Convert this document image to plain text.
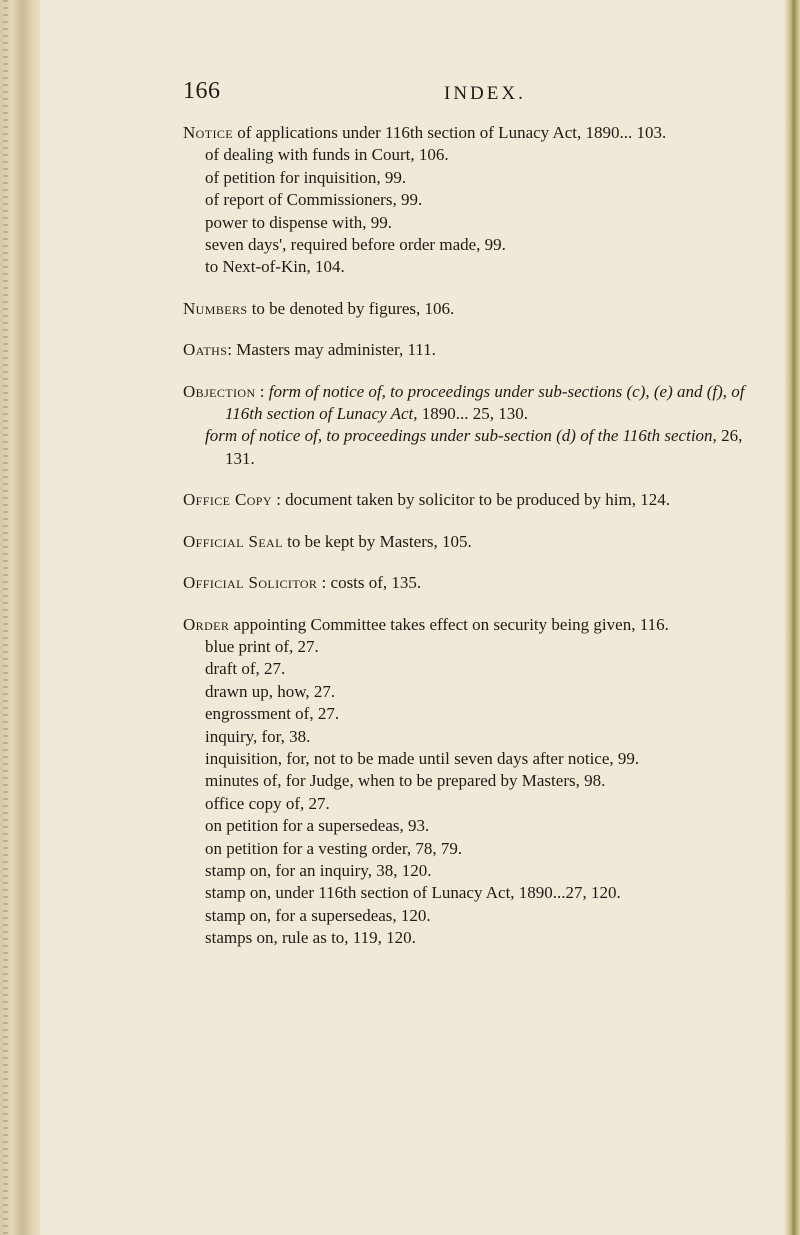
166	INDEX.
Notice of applications under 116th section of Lunacy Act, 1890... 103.
of dealing with funds in Court, 106.
of petition for inquisition, 99.
of report of Commissioners, 99.
power to dispense with, 99.
seven days', required before order made, 99.
to Next-of-Kin, 104.
Numbers to be denoted by figures, 106.
Oaths: Masters may administer, 111.
Objection : form of notice of, to proceedings under sub-sections (c), (e) and (f), of 116th section of Lunacy Act, 1890... 25, 130.
form of notice of, to proceedings under sub-section (d) of the 116th section, 26, 131.
Office Copy : document taken by solicitor to be produced by him, 124.
Official Seal to be kept by Masters, 105.
Official Solicitor : costs of, 135.
Order appointing Committee takes effect on security being given, 116.
blue print of, 27.
draft of, 27.
drawn up, how, 27.
engrossment of, 27.
inquiry, for, 38.
inquisition, for, not to be made until seven days after notice, 99.
minutes of, for Judge, when to be prepared by Masters, 98.
office copy of, 27.
on petition for a supersedeas, 93.
on petition for a vesting order, 78, 79.
stamp on, for an inquiry, 38, 120.
stamp on, under 116th section of Lunacy Act, 1890...27, 120.
stamp on, for a supersedeas, 120.
stamps on, rule as to, 119, 120.
